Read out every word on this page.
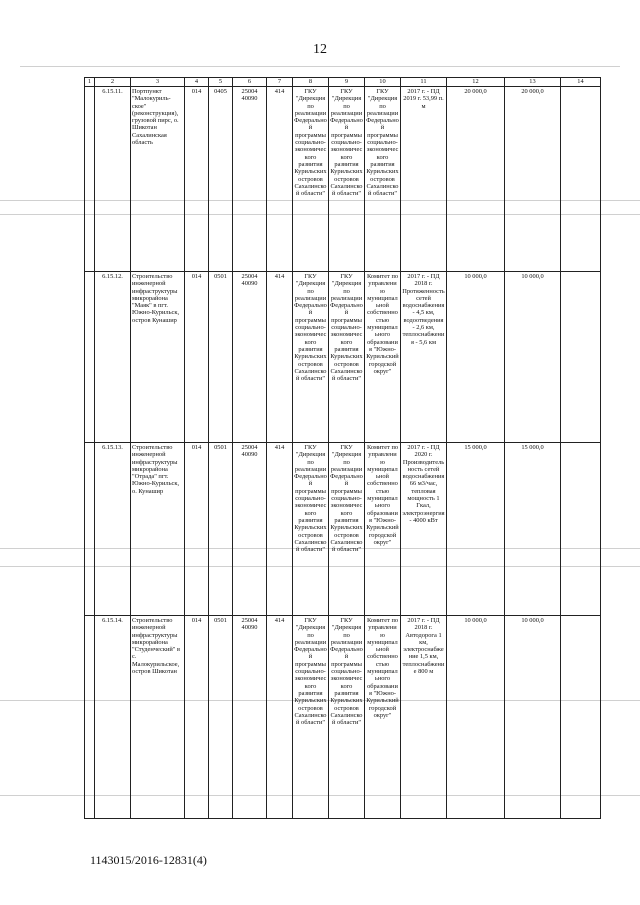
12
1	2	3	4	5	6	7	8	9	10	11	12	13	14
	6.15.11.	Портпункт "Малокуриль-ское" (реконструкция), грузовой пирс, о. Шикотан Сахалинская область	014	0405	25004 40090	414	ГКУ "Дирекция по реализации Федеральной программы социально-экономического развития Курильских островов Сахалинской области"	ГКУ "Дирекция по реализации Федеральной программы социально-экономического развития Курильских островов Сахалинской области"	ГКУ "Дирекция по реализации Федеральной программы социально-экономического развития Курильских островов Сахалинской области"	2017 г. - ПД 2019 г. 53,99 п. м	20 000,0	20 000,0	
	6.15.12.	Строительство инженерной инфраструктуры микрорайона "Маяк" в пгт. Южно-Курильск, остров Кунашир	014	0501	25004 40090	414	ГКУ "Дирекция по реализации Федеральной программы социально-экономического развития Курильских островов Сахалинской области"	ГКУ "Дирекция по реализации Федеральной программы социально-экономического развития Курильских островов Сахалинской области"	Комитет по управлению муниципальной собственностью муниципального образования "Южно-Курильский городской округ"	2017 г. - ПД 2018 г. Протяженность сетей водоснабжения - 4,5 км, водоотведения - 2,6 км, теплоснабжения - 5,6 км	10 000,0	10 000,0	
	6.15.13.	Строительство инженерной инфраструктуры микрорайона "Отрада" пгт. Южно-Курильск, о. Кунашир	014	0501	25004 40090	414	ГКУ "Дирекция по реализации Федеральной программы социально-экономического развития Курильских островов Сахалинской области"	ГКУ "Дирекция по реализации Федеральной программы социально-экономического развития Курильских островов Сахалинской области"	Комитет по управлению муниципальной собственностью муниципального образования "Южно-Курильский городской округ"	2017 г. - ПД 2020 г. Производительность сетей водоснабжения 66 м3/час, тепловая мощность 1 Гкал, электроэнергия - 4000 кВт	15 000,0	15 000,0	
	6.15.14.	Строительство инженерной инфраструктуры микрорайона "Студенческий" в с. Малокурильское, остров Шикотан	014	0501	25004 40090	414	ГКУ "Дирекция по реализации Федеральной программы социально-экономического развития Курильских островов Сахалинской области"	ГКУ "Дирекция по реализации Федеральной программы социально-экономического развития Курильских островов Сахалинской области"	Комитет по управлению муниципальной собственностью муниципального образования "Южно-Курильский городской округ"	2017 г. - ПД 2018 г. Автодорога 1 км, электроснабжение 1,5 км, теплоснабжение 800 м	10 000,0	10 000,0	
1143015/2016-12831(4)
